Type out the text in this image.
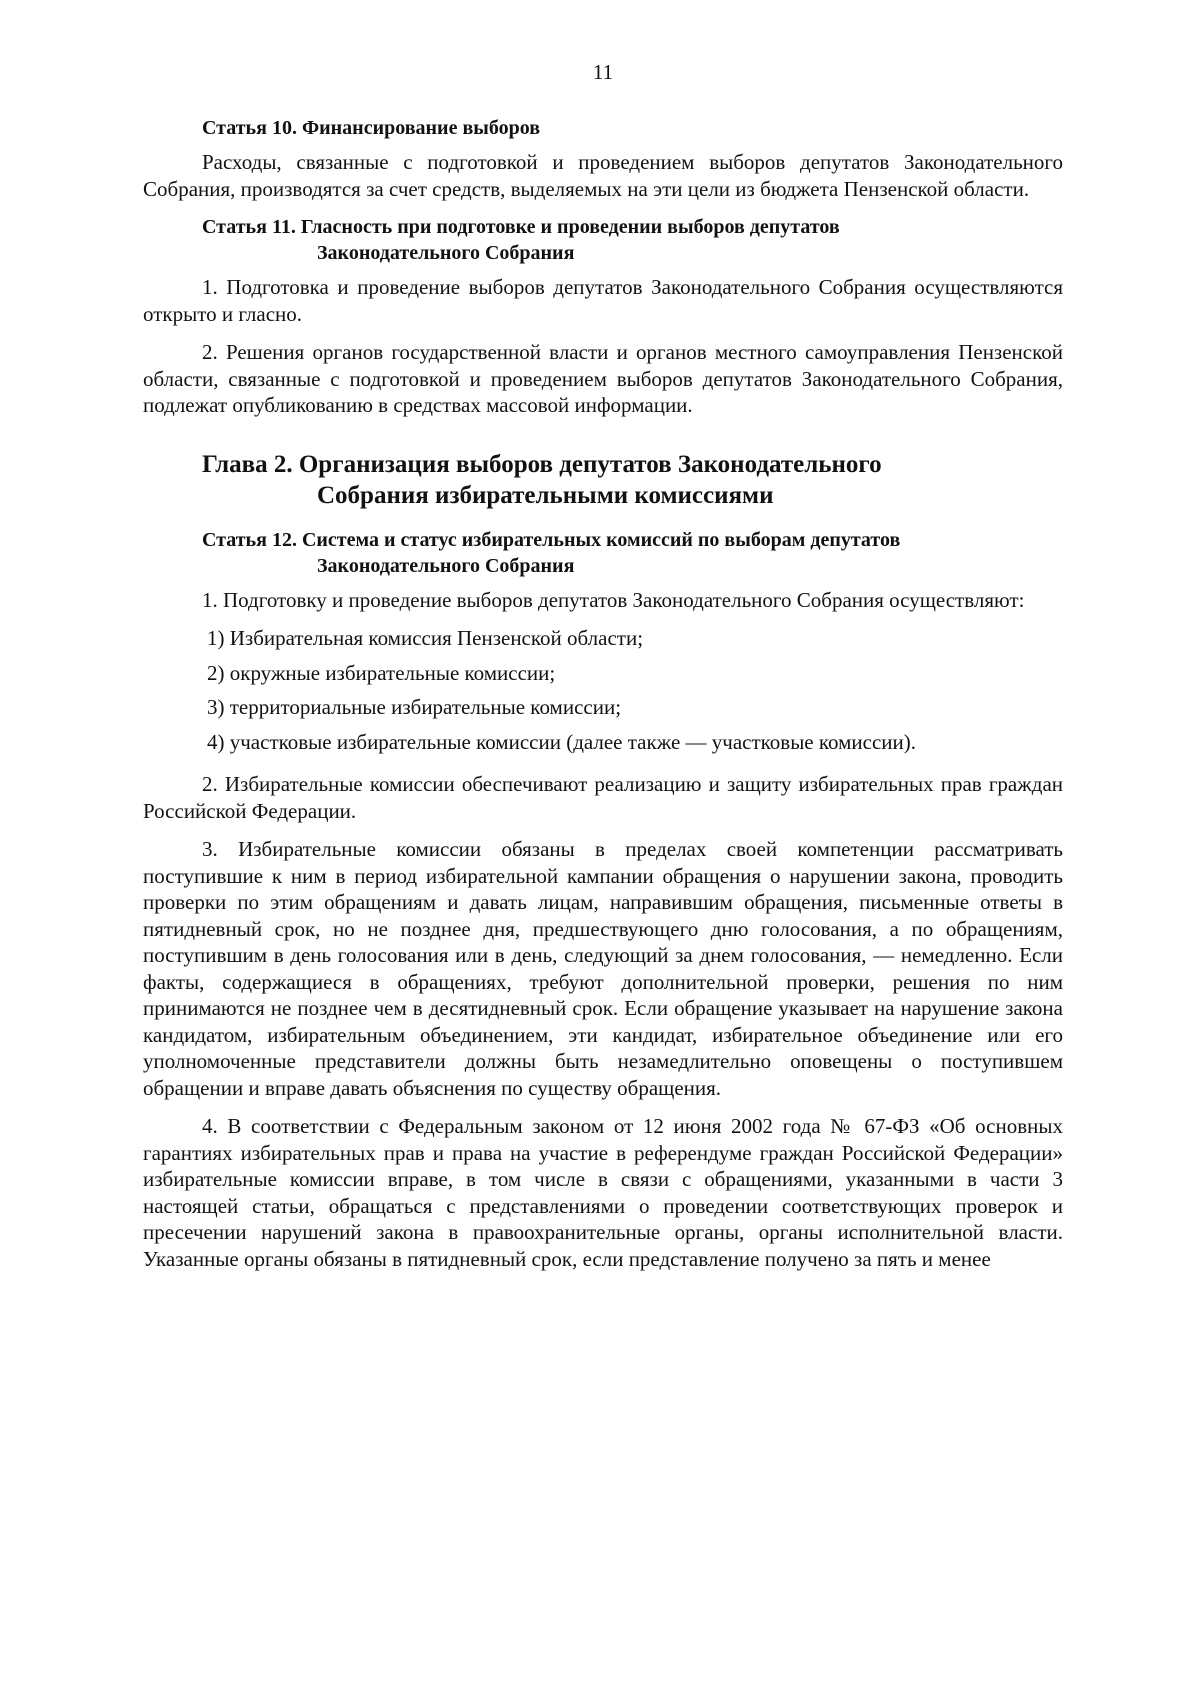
11
Статья 10. Финансирование выборов

Расходы, связанные с подготовкой и проведением выборов депутатов Законодательного Собрания, производятся за счет средств, выделяемых на эти цели из бюджета Пензенской области.

Статья 11. Гласность при подготовке и проведении выборов депутатов
Законодательного Собрания

1. Подготовка и проведение выборов депутатов Законодательного Собрания осуществляются открыто и гласно.

2. Решения органов государственной власти и органов местного самоуправления Пензенской области, связанные с подготовкой и проведением выборов депутатов Законодательного Собрания, подлежат опубликованию в средствах массовой информации.

Глава 2. Организация выборов депутатов Законодательного
Собрания избирательными комиссиями
Статья 12. Система и статус избирательных комиссий по выборам депутатов
Законодательного Собрания

1. Подготовку и проведение выборов депутатов Законодательного Собрания осуществляют:

1) Избирательная комиссия Пензенской области;
2) окружные избирательные комиссии;
3) территориальные избирательные комиссии;
4) участковые избирательные комиссии (далее также — участковые комиссии).

2. Избирательные комиссии обеспечивают реализацию и защиту избирательных прав граждан Российской Федерации.

3. Избирательные комиссии обязаны в пределах своей компетенции рассматривать поступившие к ним в период избирательной кампании обращения о нарушении закона, проводить проверки по этим обращениям и давать лицам, направившим обращения, письменные ответы в пятидневный срок, но не позднее дня, предшествующего дню голосования, а по обращениям, поступившим в день голосования или в день, следующий за днем голосования, — немедленно. Если факты, содержащиеся в обращениях, требуют дополнительной проверки, решения по ним принимаются не позднее чем в десятидневный срок. Если обращение указывает на нарушение закона кандидатом, избирательным объединением, эти кандидат, избирательное объединение или его уполномоченные представители должны быть незамедлительно оповещены о поступившем обращении и вправе давать объяснения по существу обращения.

4. В соответствии с Федеральным законом от 12 июня 2002 года № 67-ФЗ «Об основных гарантиях избирательных прав и права на участие в референдуме граждан Российской Федерации» избирательные комиссии вправе, в том числе в связи с обращениями, указанными в части 3 настоящей статьи, обращаться с представлениями о проведении соответствующих проверок и пресечении нарушений закона в правоохранительные органы, органы исполнительной власти. Указанные органы обязаны в пятидневный срок, если представление получено за пять и менее
